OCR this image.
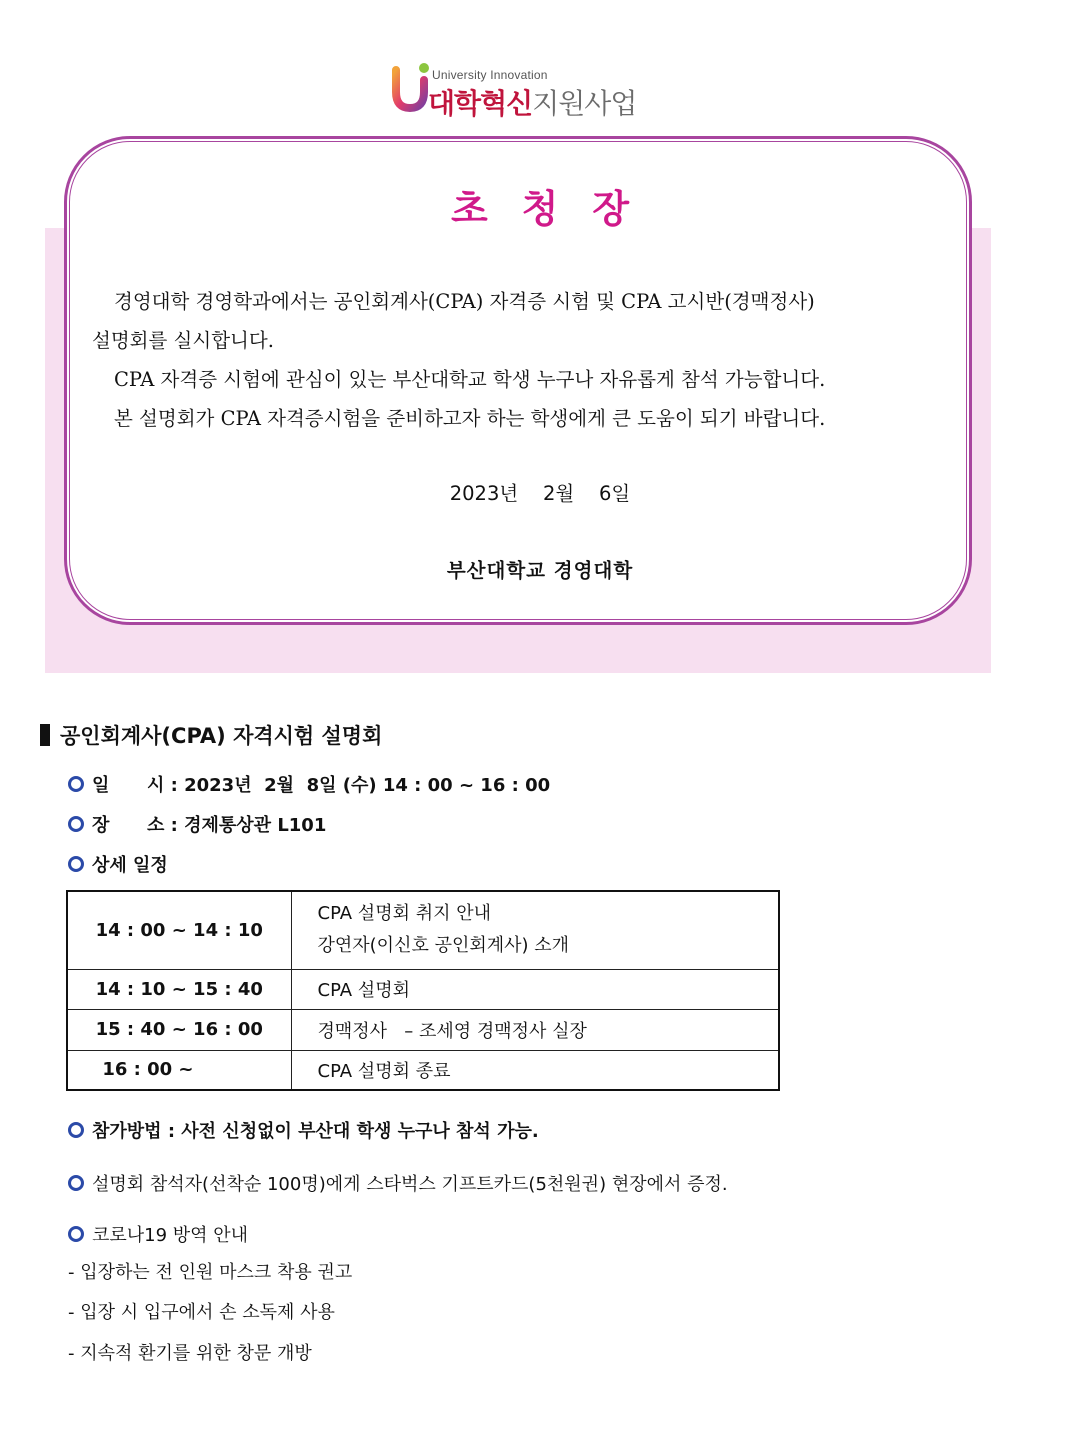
University Innovation
대학혁신지원사업
초청장

경영대학 경영학과에서는 공인회계사(CPA) 자격증 시험 및 CPA 고시반(경맥정사)

설명회를 실시합니다.

CPA 자격증 시험에 관심이 있는 부산대학교 학생 누구나 자유롭게 참석 가능합니다.

본 설명회가 CPA 자격증시험을 준비하고자 하는 학생에게 큰 도움이 되기 바랍니다.

2023년    2월    6일
부산대학교 경영대학
공인회계사(CPA) 자격시험 설명회
일      시 : 2023년  2월  8일 (수) 14 : 00 ~ 16 : 00
장      소 : 경제통상관 L101
상세 일정
14 : 00 ~ 14 : 10	CPA 설명회 취지 안내
강연자(이신호 공인회계사) 소개
14 : 10 ~ 15 : 40	CPA 설명회
15 : 40 ~ 16 : 00	경맥정사   – 조세영 경맥정사 실장
16 : 00 ~	CPA 설명회 종료
참가방법 : 사전 신청없이 부산대 학생 누구나 참석 가능.
설명회 참석자(선착순 100명)에게 스타벅스 기프트카드(5천원권) 현장에서 증정.
코로나19 방역 안내
- 입장하는 전 인원 마스크 착용 권고
- 입장 시 입구에서 손 소독제 사용
- 지속적 환기를 위한 창문 개방
